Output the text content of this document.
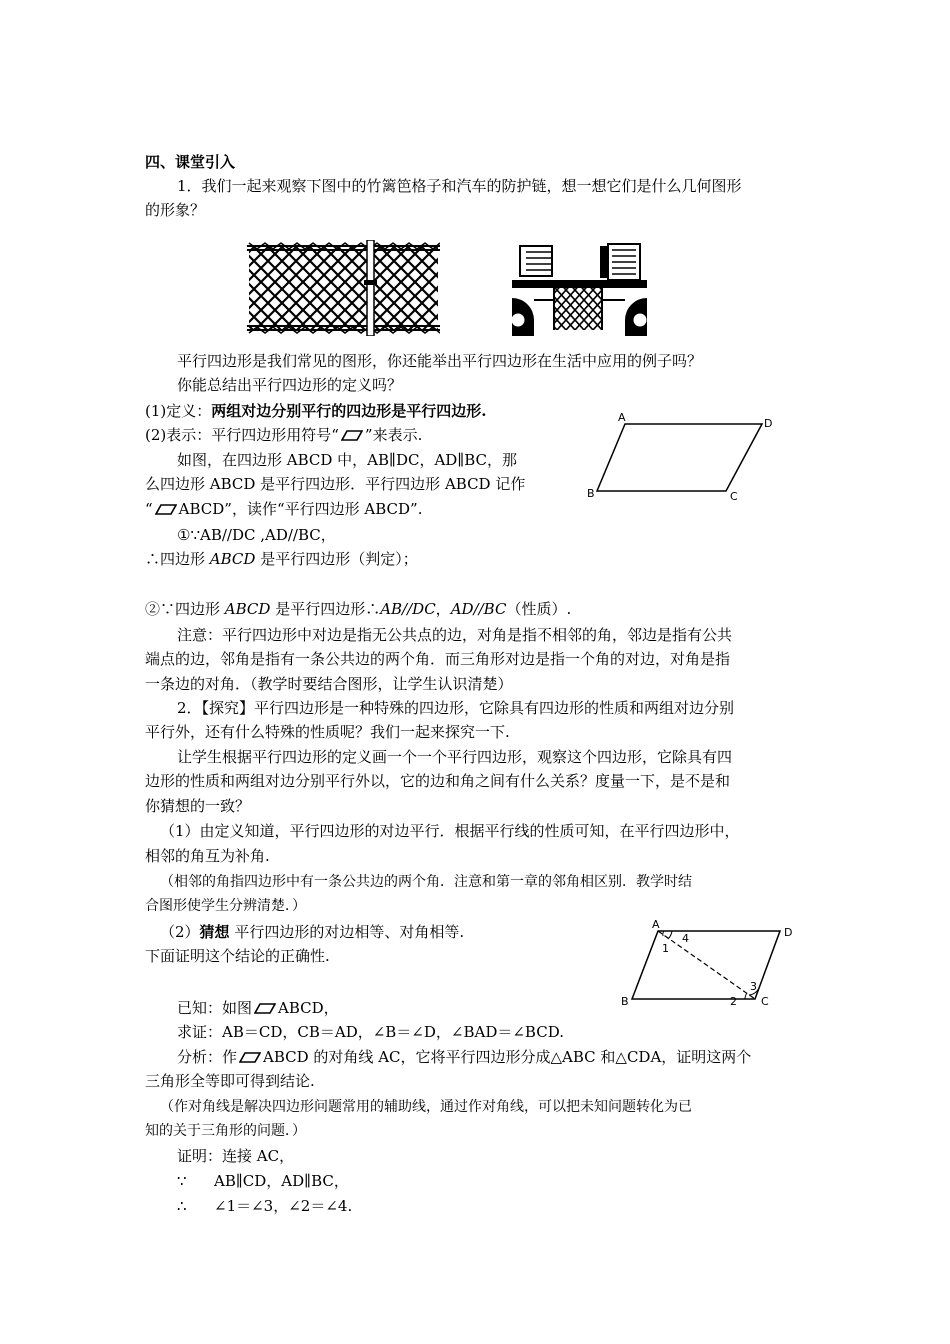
四、课堂引入
1．我们一起来观察下图中的竹篱笆格子和汽车的防护链，想一想它们是什么几何图形
的形象？
平行四边形是我们常见的图形，你还能举出平行四边形在生活中应用的例子吗？
你能总结出平行四边形的定义吗？
(1)定义：两组对边分别平行的四边形是平行四边形.
(2)表示：平行四边形用符号“ ”来表示.
如图，在四边形 ABCD 中，AB∥DC，AD∥BC，那
么四边形 ABCD 是平行四边形．平行四边形 ABCD 记作
“ ABCD”，读作“平行四边形 ABCD”.
A	D
B	C
①∵AB//DC ,AD//BC，
∴四边形 ABCD 是平行四边形（判定）；
②∵四边形 ABCD 是平行四边形∴AB//DC，AD//BC（性质）.
注意：平行四边形中对边是指无公共点的边，对角是指不相邻的角，邻边是指有公共
端点的边，邻角是指有一条公共边的两个角．而三角形对边是指一个角的对边，对角是指
一条边的对角．（教学时要结合图形，让学生认识清楚）
2．【探究】平行四边形是一种特殊的四边形，它除具有四边形的性质和两组对边分别
平行外，还有什么特殊的性质呢？我们一起来探究一下.
让学生根据平行四边形的定义画一个一个平行四边形，观察这个四边形，它除具有四
边形的性质和两组对边分别平行外以，它的边和角之间有什么关系？度量一下，是不是和
你猜想的一致？
（1）由定义知道，平行四边形的对边平行．根据平行线的性质可知，在平行四边形中，
相邻的角互为补角.
（相邻的角指四边形中有一条公共边的两个角．注意和第一章的邻角相区别．教学时结
合图形使学生分辨清楚．）
（2）猜想 平行四边形的对边相等、对角相等.
下面证明这个结论的正确性.
A
D
B	C
1
4
2
3
已知：如图 ABCD，
求证：AB＝CD，CB＝AD，∠B＝∠D，∠BAD＝∠BCD.
分析：作 ABCD 的对角线 AC，它将平行四边形分成△ABC 和△CDA，证明这两个
三角形全等即可得到结论.
（作对角线是解决四边形问题常用的辅助线，通过作对角线，可以把未知问题转化为已
知的关于三角形的问题．）
证明：连接 AC，
∵ AB∥CD，AD∥BC，
∴ ∠1＝∠3，∠2＝∠4.
